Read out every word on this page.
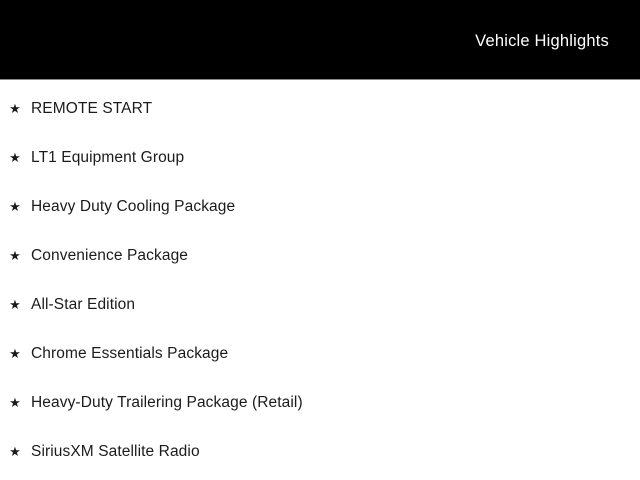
Vehicle Highlights
★ REMOTE START
★ LT1 Equipment Group
★ Heavy Duty Cooling Package
★ Convenience Package
★ All-Star Edition
★ Chrome Essentials Package
★ Heavy-Duty Trailering Package (Retail)
★ SiriusXM Satellite Radio
